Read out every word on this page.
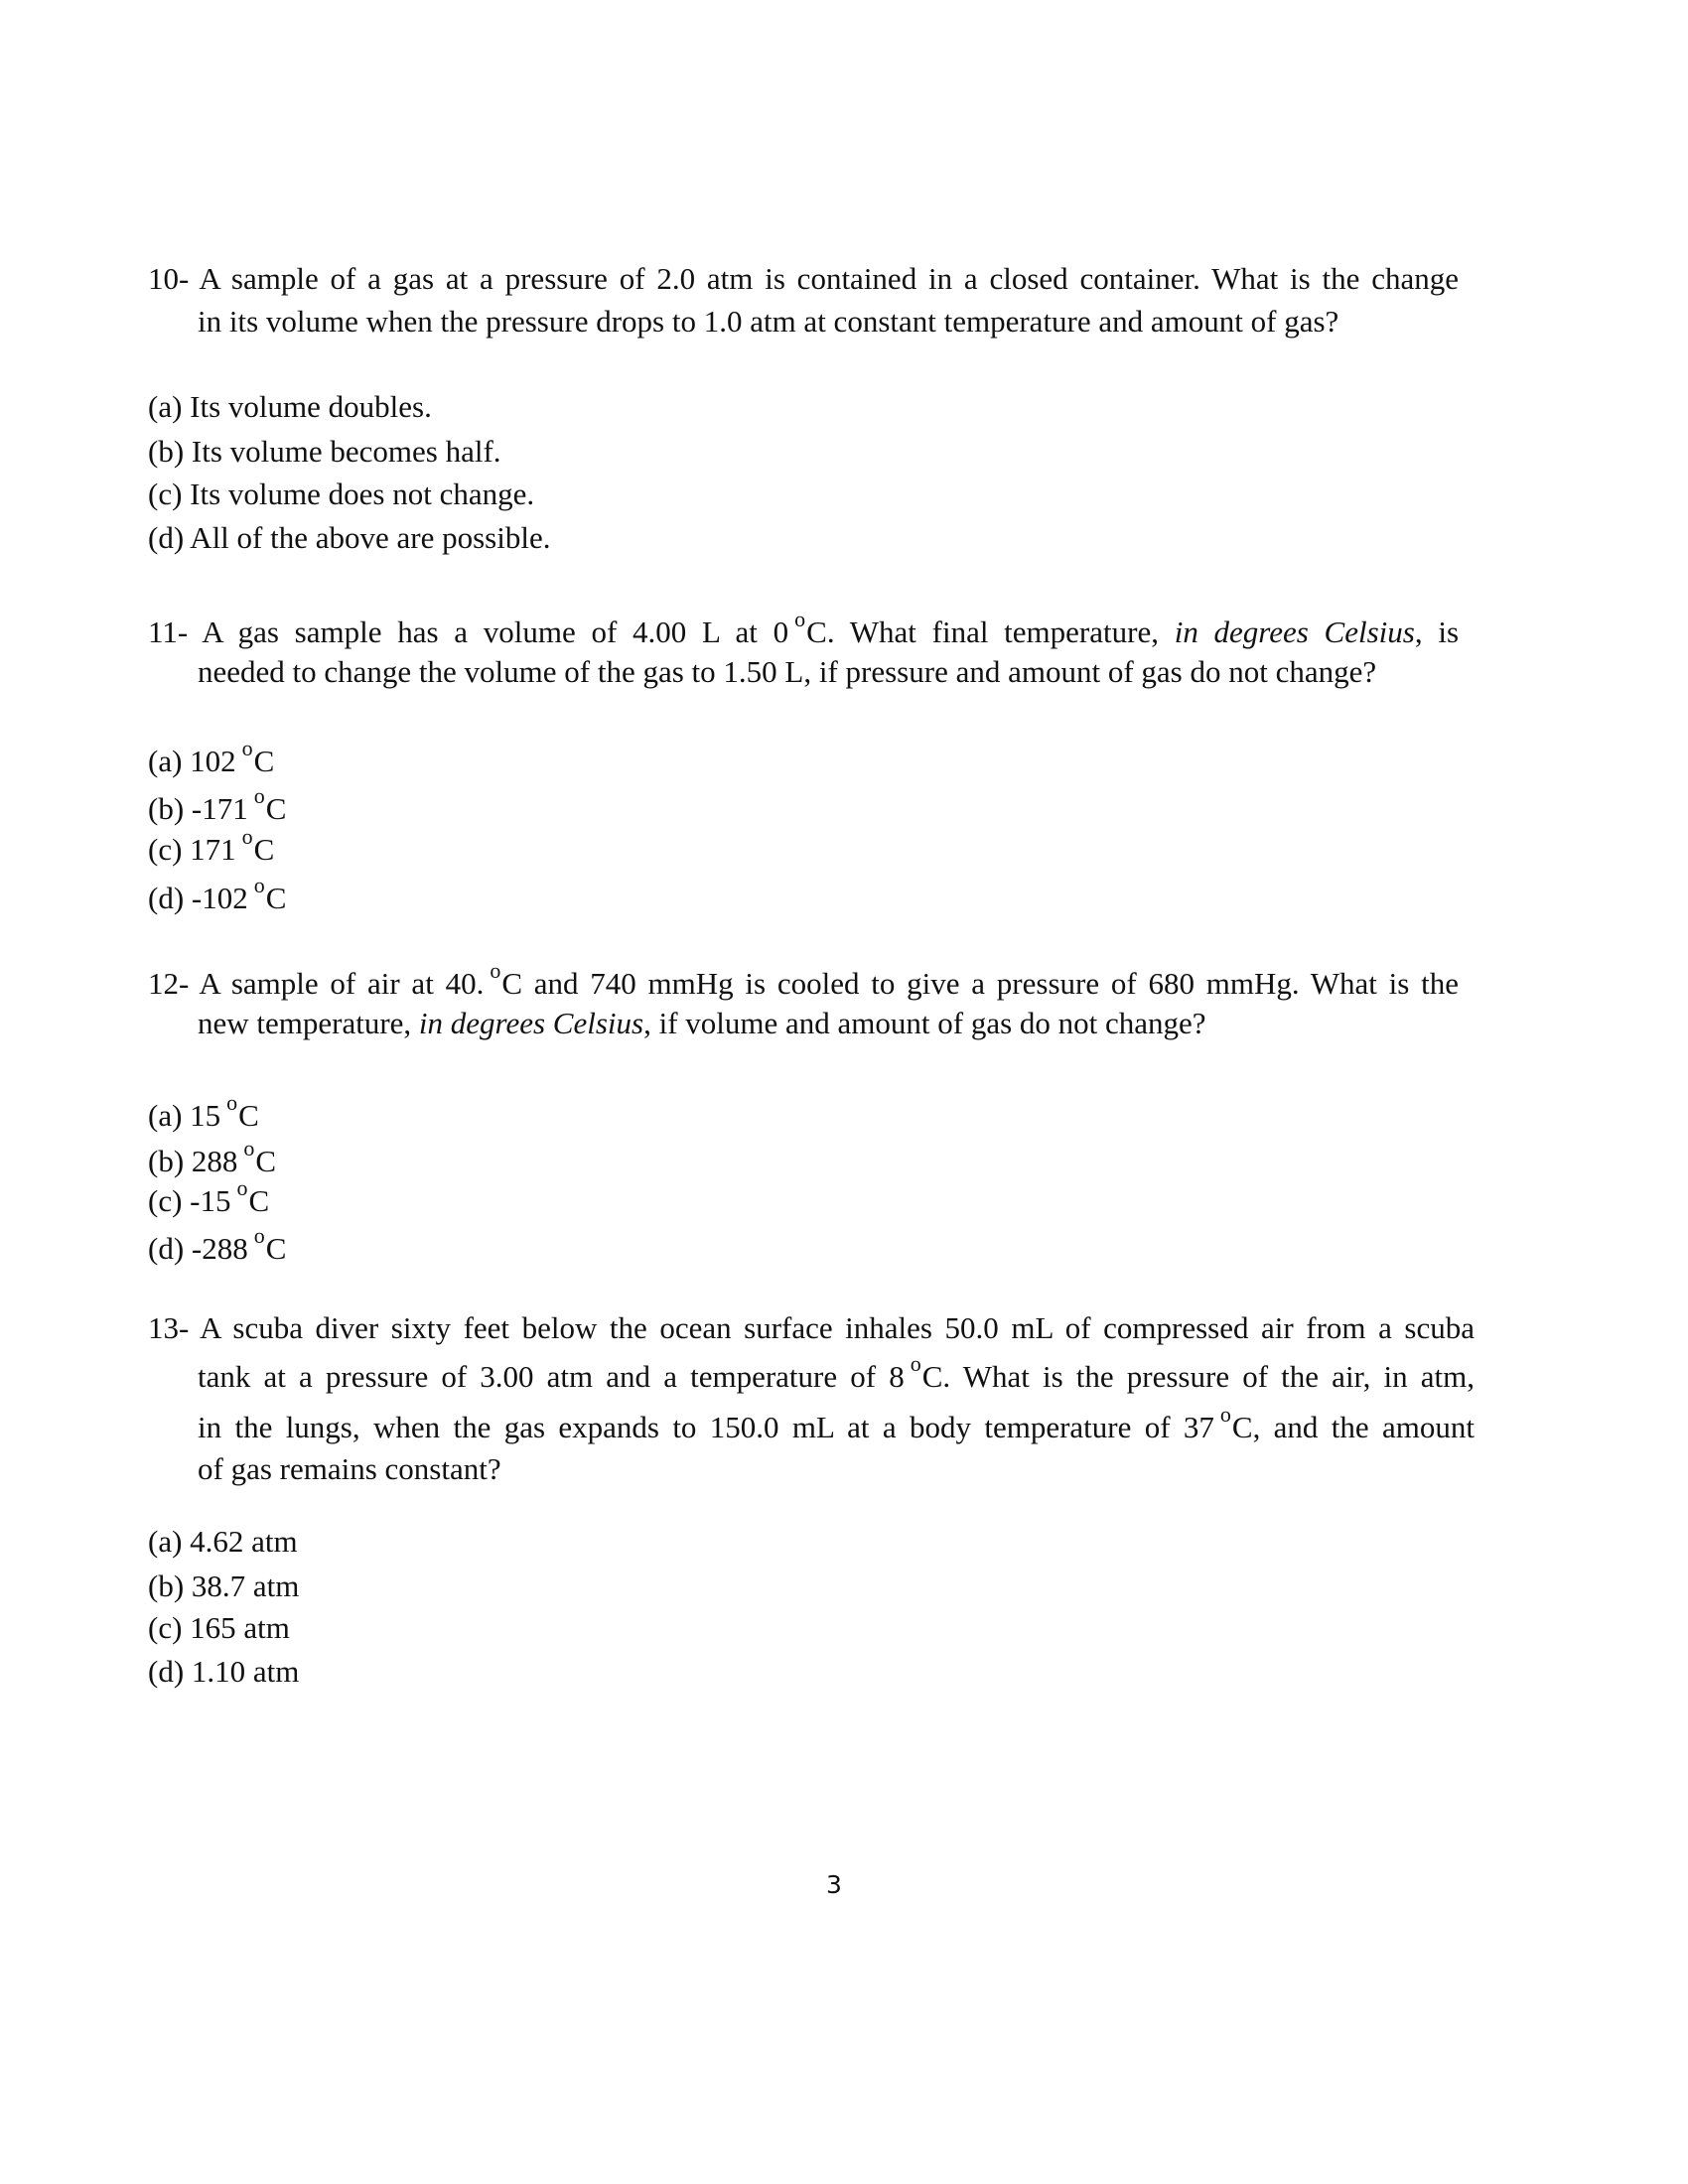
10- A sample of a gas at a pressure of 2.0 atm is contained in a closed container. What is the change
in its volume when the pressure drops to 1.0 atm at constant temperature and amount of gas?
(a) Its volume doubles.
(b) Its volume becomes half.
(c) Its volume does not change.
(d) All of the above are possible.
11- A gas sample has a volume of 4.00 L at 0 $^o$C. What final temperature, in degrees Celsius, is
needed to change the volume of the gas to 1.50 L, if pressure and amount of gas do not change?
(a) 102 $^o$C
(b) -171 $^o$C
(c) 171 $^o$C
(d) -102 $^o$C
12- A sample of air at 40. $^o$C and 740 mmHg is cooled to give a pressure of 680 mmHg. What is the
new temperature, in degrees Celsius, if volume and amount of gas do not change?
(a) 15 $^o$C
(b) 288 $^o$C
(c) -15 $^o$C
(d) -288 $^o$C
13- A scuba diver sixty feet below the ocean surface inhales 50.0 mL of compressed air from a scuba
tank at a pressure of 3.00 atm and a temperature of 8 $^o$C. What is the pressure of the air, in atm,
in the lungs, when the gas expands to 150.0 mL at a body temperature of 37 $^o$C, and the amount
of gas remains constant?
(a) 4.62 atm
(b) 38.7 atm
(c) 165 atm
(d) 1.10 atm
3
